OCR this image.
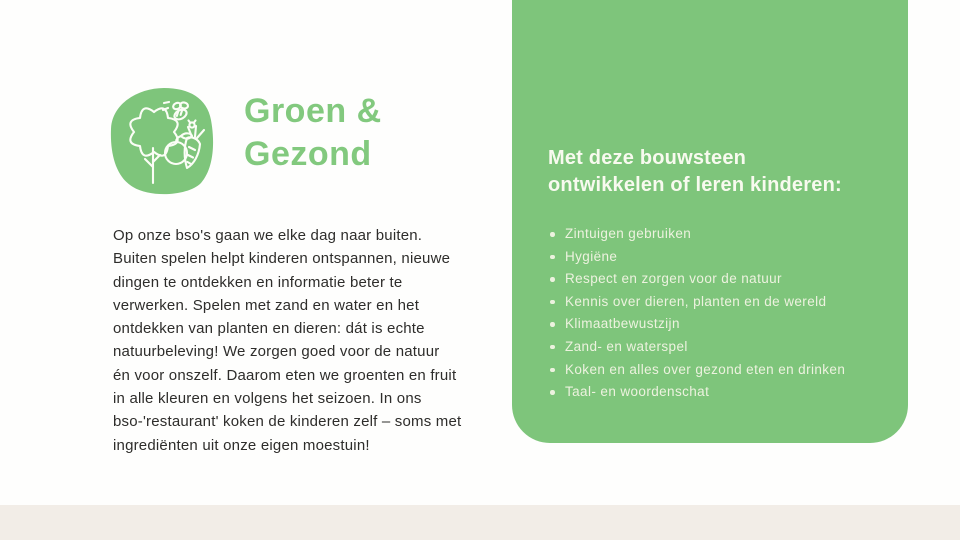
Groen &
Gezond
Op onze bso's gaan we elke dag naar buiten.
Buiten spelen helpt kinderen ontspannen, nieuwe
dingen te ontdekken en informatie beter te
verwerken. Spelen met zand en water en het
ontdekken van planten en dieren: dát is echte
natuurbeleving! We zorgen goed voor de natuur
én voor onszelf. Daarom eten we groenten en fruit
in alle kleuren en volgens het seizoen. In ons
bso-'restaurant' koken de kinderen zelf – soms met
ingrediënten uit onze eigen moestuin!
Met deze bouwsteen
ontwikkelen of leren kinderen:
Zintuigen gebruiken
Hygiëne
Respect en zorgen voor de natuur
Kennis over dieren, planten en de wereld
Klimaatbewustzijn
Zand- en waterspel
Koken en alles over gezond eten en drinken
Taal- en woordenschat
